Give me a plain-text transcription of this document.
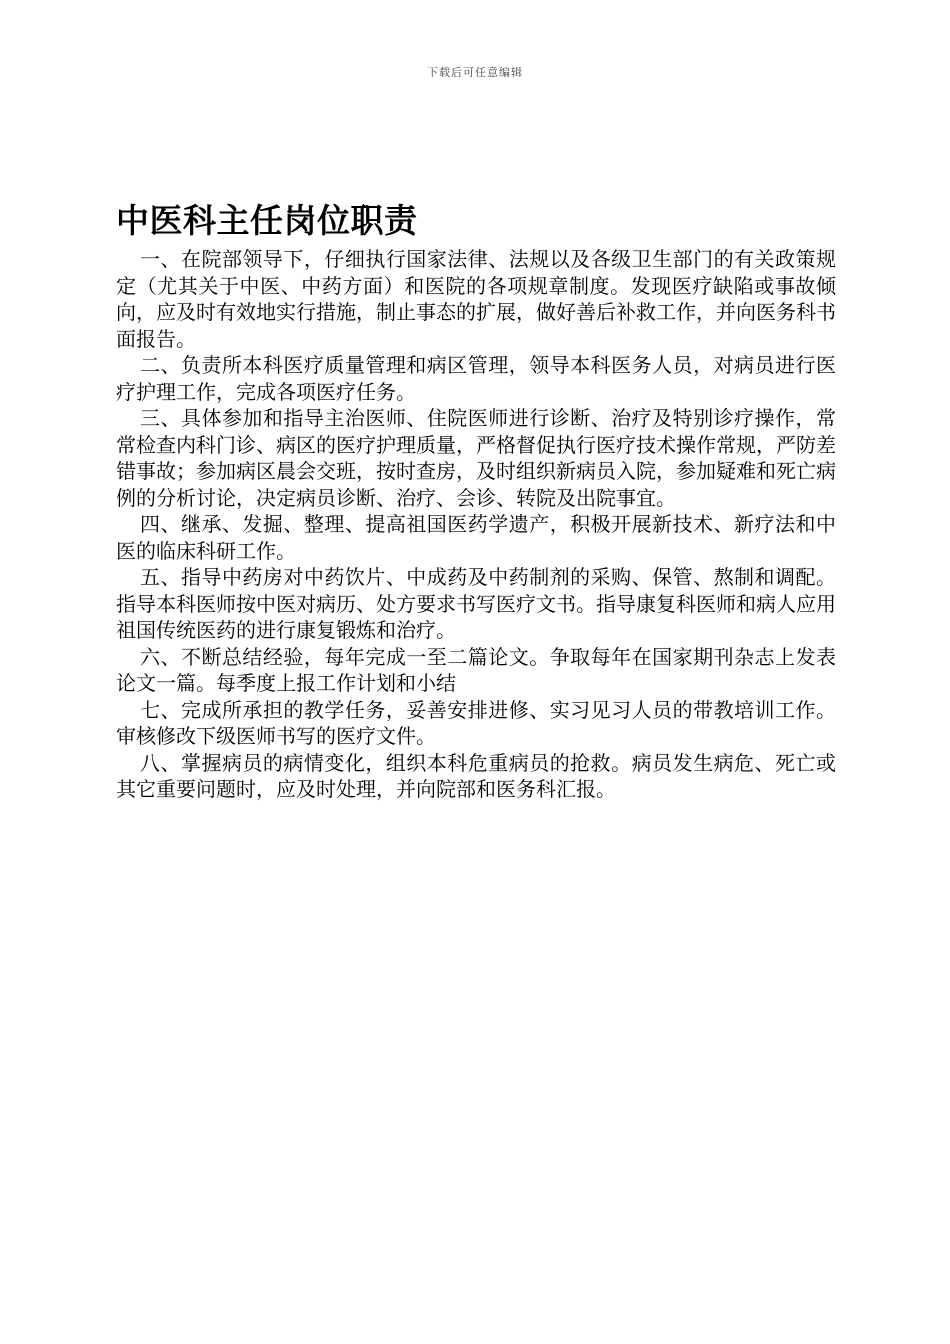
下载后可任意编辑
中医科主任岗位职责

一、在院部领导下，仔细执行国家法律、法规以及各级卫生部门的有关政策规定（尤其关于中医、中药方面）和医院的各项规章制度。发现医疗缺陷或事故倾向，应及时有效地实行措施，制止事态的扩展，做好善后补救工作，并向医务科书面报告。

二、负责所本科医疗质量管理和病区管理，领导本科医务人员，对病员进行医疗护理工作，完成各项医疗任务。

三、具体参加和指导主治医师、住院医师进行诊断、治疗及特别诊疗操作，常常检查内科门诊、病区的医疗护理质量，严格督促执行医疗技术操作常规，严防差错事故；参加病区晨会交班，按时查房，及时组织新病员入院，参加疑难和死亡病例的分析讨论，决定病员诊断、治疗、会诊、转院及出院事宜。

四、继承、发掘、整理、提高祖国医药学遗产，积极开展新技术、新疗法和中医的临床科研工作。

五、指导中药房对中药饮片、中成药及中药制剂的采购、保管、熬制和调配。指导本科医师按中医对病历、处方要求书写医疗文书。指导康复科医师和病人应用祖国传统医药的进行康复锻炼和治疗。

六、不断总结经验，每年完成一至二篇论文。争取每年在国家期刊杂志上发表论文一篇。每季度上报工作计划和小结

七、完成所承担的教学任务，妥善安排进修、实习见习人员的带教培训工作。审核修改下级医师书写的医疗文件。

八、掌握病员的病情变化，组织本科危重病员的抢救。病员发生病危、死亡或其它重要问题时，应及时处理，并向院部和医务科汇报。
